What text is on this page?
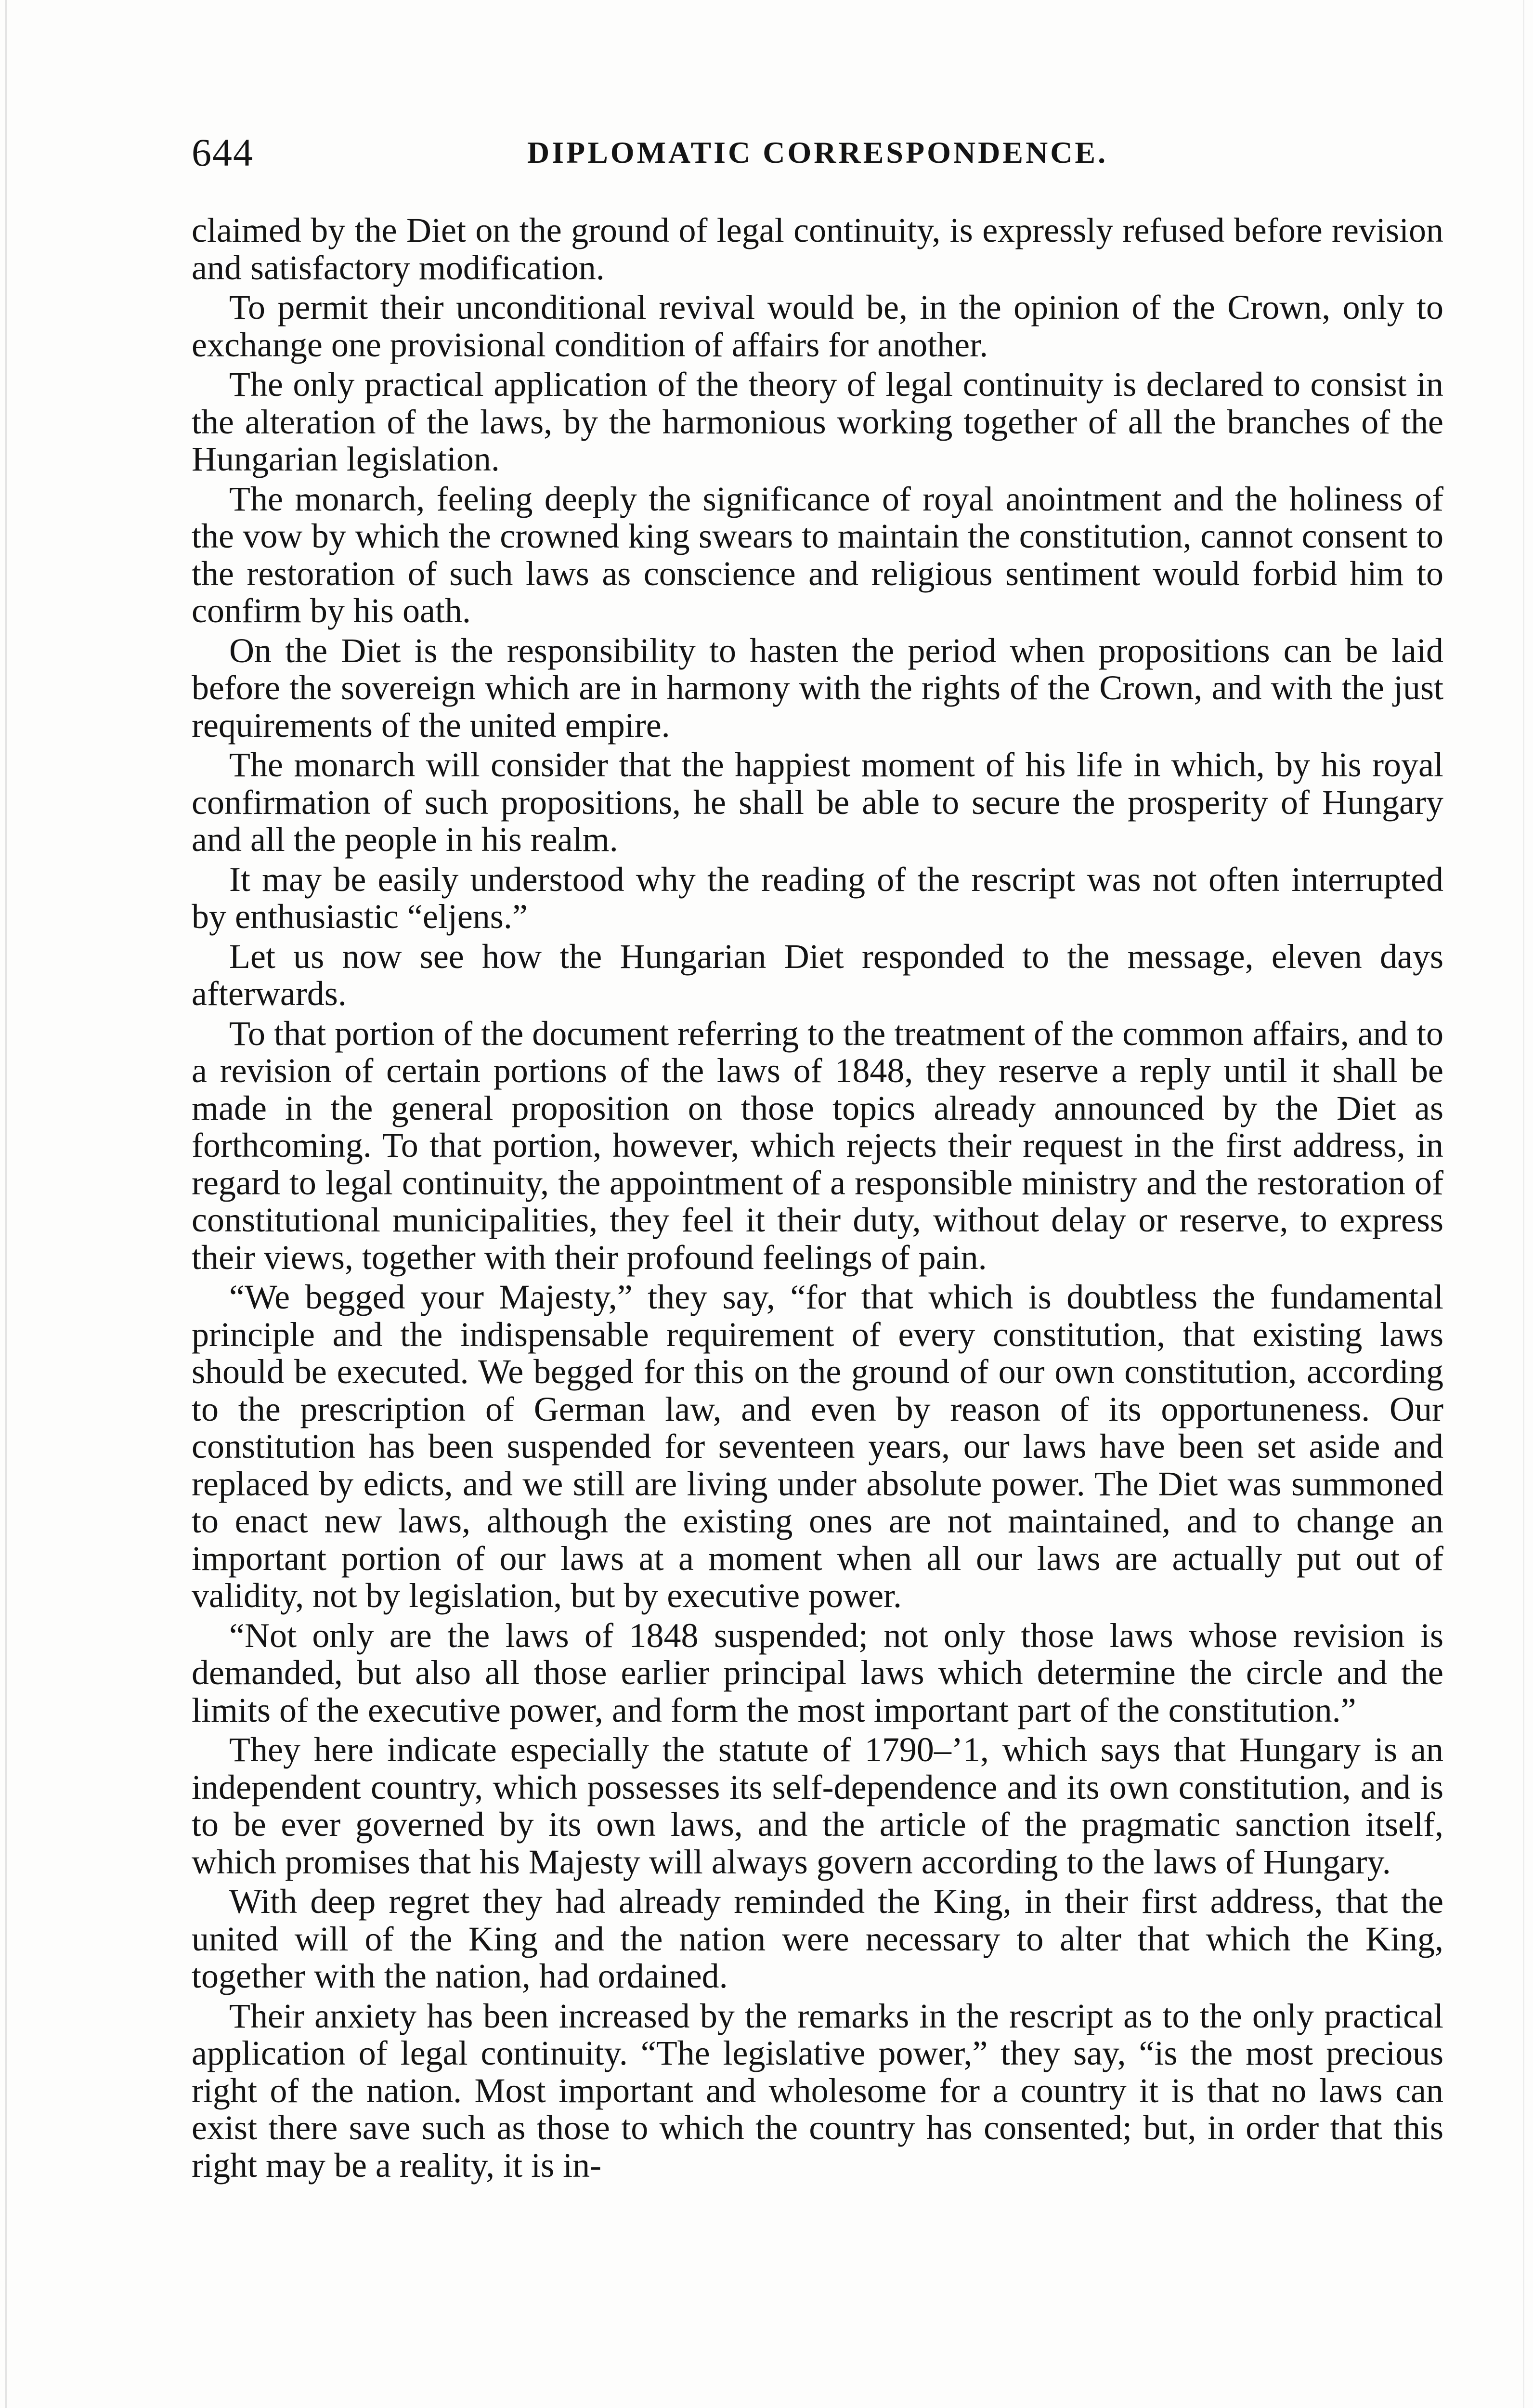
644	DIPLOMATIC CORRESPONDENCE.

claimed by the Diet on the ground of legal continuity, is expressly refused before revision and satisfactory modification.

To permit their unconditional revival would be, in the opinion of the Crown, only to exchange one provisional condition of affairs for another.

The only practical application of the theory of legal continuity is declared to consist in the alteration of the laws, by the harmonious working together of all the branches of the Hungarian legislation.

The monarch, feeling deeply the significance of royal anointment and the holiness of the vow by which the crowned king swears to maintain the constitution, cannot consent to the restoration of such laws as conscience and religious sentiment would forbid him to confirm by his oath.

On the Diet is the responsibility to hasten the period when propositions can be laid before the sovereign which are in harmony with the rights of the Crown, and with the just requirements of the united empire.

The monarch will consider that the happiest moment of his life in which, by his royal confirmation of such propositions, he shall be able to secure the prosperity of Hungary and all the people in his realm.

It may be easily understood why the reading of the rescript was not often interrupted by enthusiastic “eljens.”

Let us now see how the Hungarian Diet responded to the message, eleven days afterwards.

To that portion of the document referring to the treatment of the common affairs, and to a revision of certain portions of the laws of 1848, they reserve a reply until it shall be made in the general proposition on those topics already announced by the Diet as forthcoming. To that portion, however, which rejects their request in the first address, in regard to legal continuity, the appointment of a responsible ministry and the restoration of constitutional municipalities, they feel it their duty, without delay or reserve, to express their views, together with their profound feelings of pain.

“We begged your Majesty,” they say, “for that which is doubtless the fundamental principle and the indispensable requirement of every constitution, that existing laws should be executed. We begged for this on the ground of our own constitution, according to the prescription of German law, and even by reason of its opportuneness. Our constitution has been suspended for seventeen years, our laws have been set aside and replaced by edicts, and we still are living under absolute power. The Diet was summoned to enact new laws, although the existing ones are not maintained, and to change an important portion of our laws at a moment when all our laws are actually put out of validity, not by legislation, but by executive power.

“Not only are the laws of 1848 suspended; not only those laws whose revision is demanded, but also all those earlier principal laws which determine the circle and the limits of the executive power, and form the most important part of the constitution.”

They here indicate especially the statute of 1790–’1, which says that Hungary is an independent country, which possesses its self-dependence and its own constitution, and is to be ever governed by its own laws, and the article of the pragmatic sanction itself, which promises that his Majesty will always govern according to the laws of Hungary.

With deep regret they had already reminded the King, in their first address, that the united will of the King and the nation were necessary to alter that which the King, together with the nation, had ordained.

Their anxiety has been increased by the remarks in the rescript as to the only practical application of legal continuity. “The legislative power,” they say, “is the most precious right of the nation. Most important and wholesome for a country it is that no laws can exist there save such as those to which the country has consented; but, in order that this right may be a reality, it is in-
